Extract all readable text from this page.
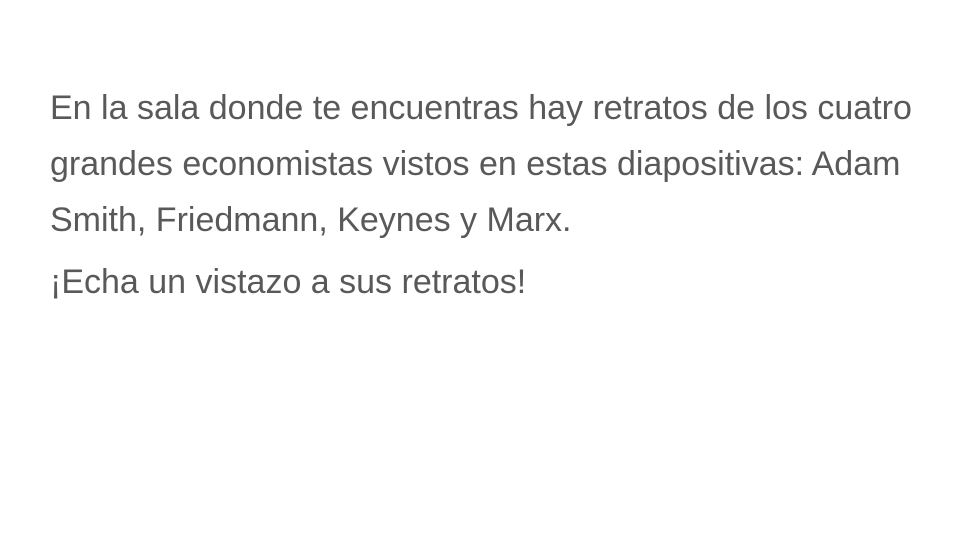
En la sala donde te encuentras hay retratos de los cuatro grandes economistas vistos en estas diapositivas: Adam Smith, Friedmann, Keynes y Marx.

¡Echa un vistazo a sus retratos!
